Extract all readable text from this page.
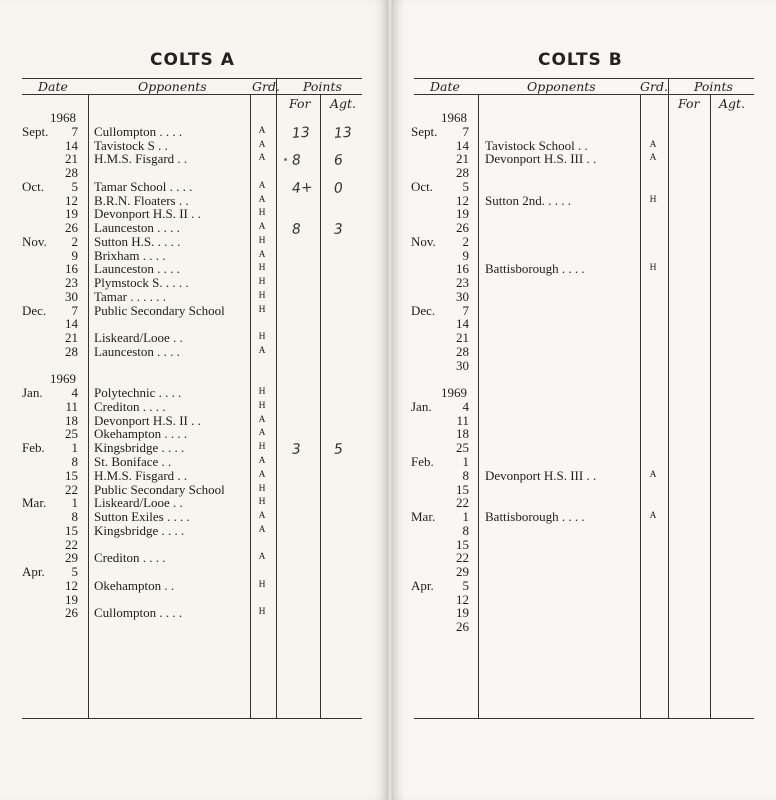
COLTS A
Date	Opponents	Grd. Points
For Agt.
1968
Sept.	7 Cullompton . . . .	A 13	13
14 Tavistock S . .	A
21 H.M.S. Fisgard . .	A 8	6
28
Oct.	5 Tamar School . . . .	A 4+ 0
12 B.R.N. Floaters . .	A
19 Devonport H.S. II . .	H
26 Launceston . . . .	A 8	3
Nov.	2 Sutton H.S. . . . .	H
9 Brixham . . . .	A
16 Launceston . . . .	H
23 Plymstock S. . . . .	H
30 Tamar . . . . . .	H
Dec.	7 Public Secondary School	H
14
21 Liskeard/Looe . .	H
28 Launceston . . . .	A
1969
Jan.	4 Polytechnic . . . .	H
11 Crediton . . . .	H
18 Devonport H.S. II . .	A
25 Okehampton . . . .	A
Feb.	1 Kingsbridge . . . .	H 3	5
8 St. Boniface . .	A
15 H.M.S. Fisgard . .	A
22 Public Secondary School	H
Mar.	1 Liskeard/Looe . .	H
8 Sutton Exiles . . . .	A
15 Kingsbridge . . . .	A
22
29 Crediton . . . .	A
Apr.	5
12 Okehampton . .	H
19
26 Cullompton . . . .	H
COLTS B
Date	Opponents	Grd. Points
For Agt.
1968
Sept.	7
14 Tavistock School . .	A
21 Devonport H.S. III . .	A
28
Oct.	5
12 Sutton 2nd. . . . .	H
19
26
Nov.	2
9
16 Battisborough . . . .	H
23
30
Dec.	7
14
21
28
30
1969
Jan.	4
11
18
25
Feb.	1
8 Devonport H.S. III . .	A
15
22
Mar.	1 Battisborough . . . .	A
8
15
22
29
Apr.	5
12
19
26
